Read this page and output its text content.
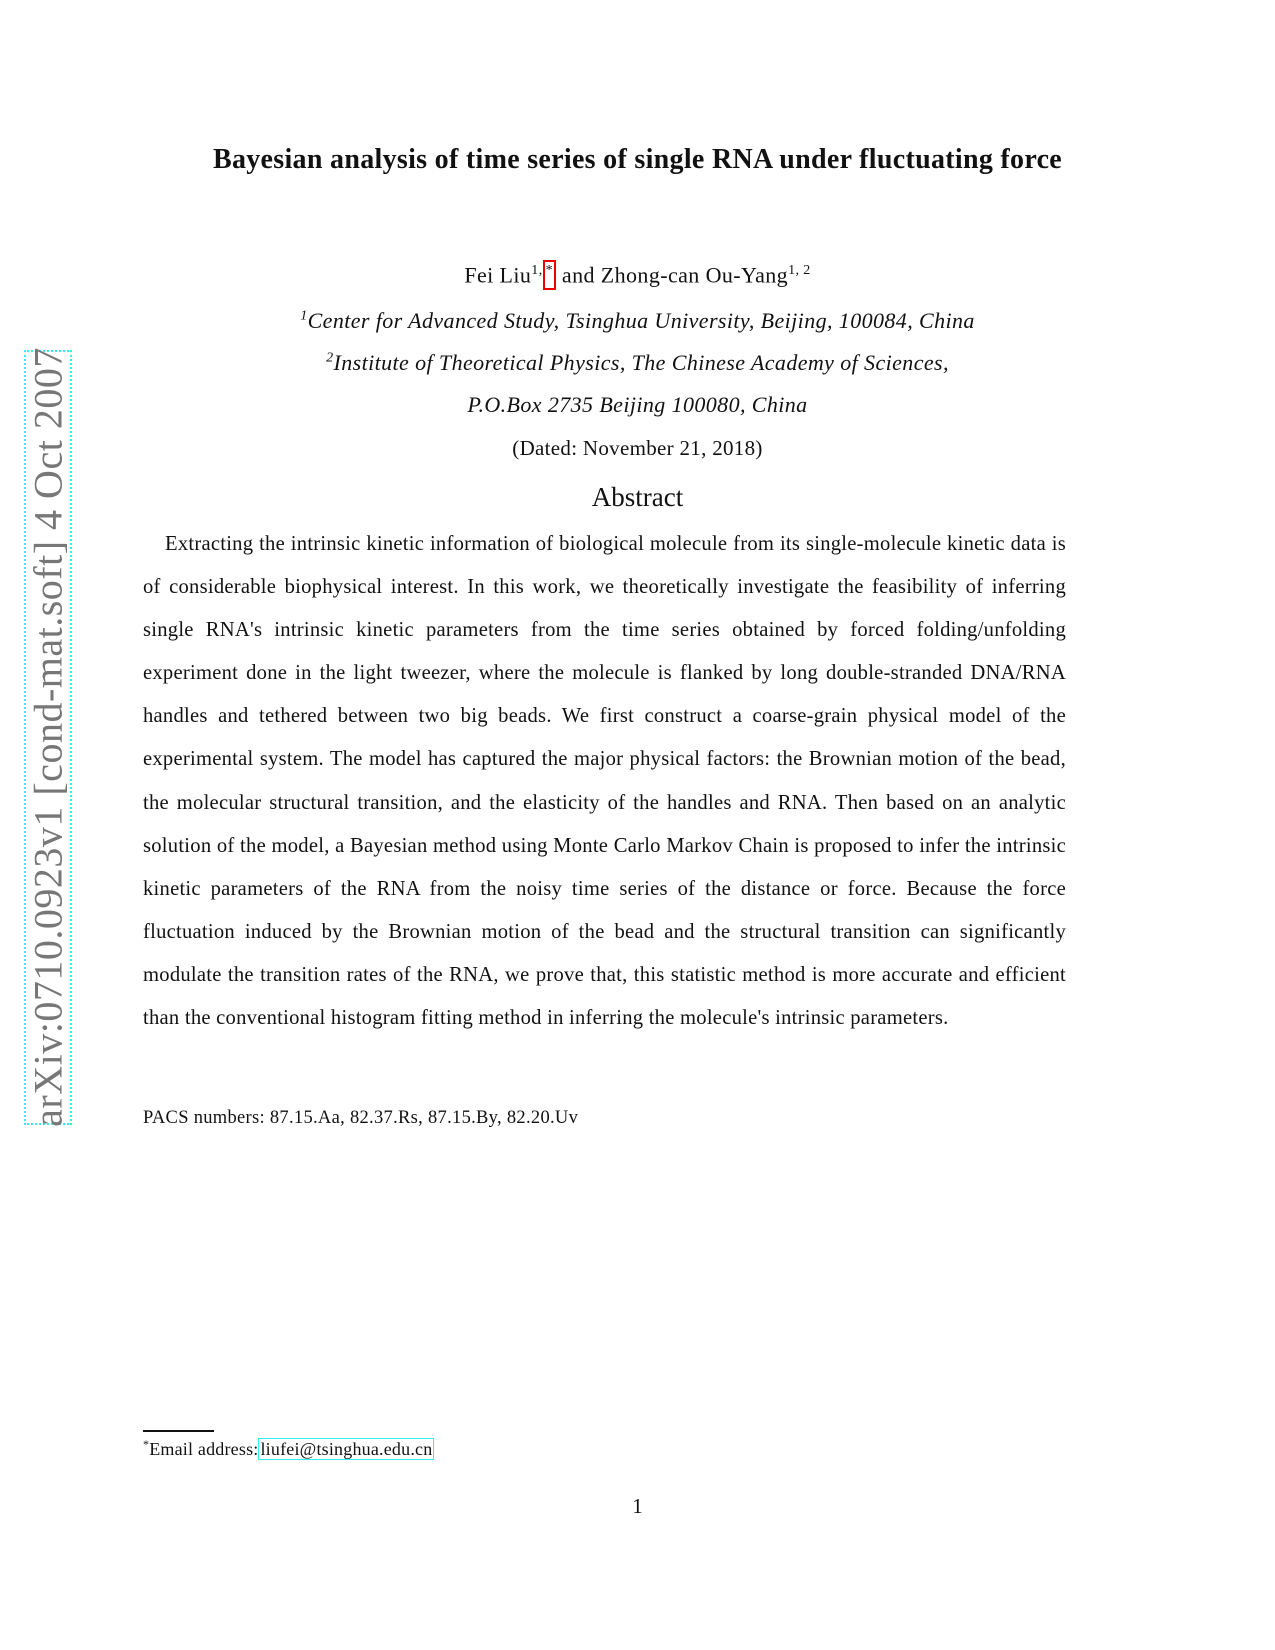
arXiv:0710.0923v1 [cond-mat.soft] 4 Oct 2007
Bayesian analysis of time series of single RNA under fluctuating force
Fei Liu$^{1,}$ * and Zhong-can Ou-Yang$^{1, 2}$
$^1$Center for Advanced Study, Tsinghua University, Beijing, 100084, China
$^2$Institute of Theoretical Physics, The Chinese Academy of Sciences,
P.O.Box 2735 Beijing 100080, China
(Dated: November 21, 2018)
Abstract

Extracting the intrinsic kinetic information of biological molecule from its single-molecule kinetic data is of considerable biophysical interest. In this work, we theoretically investigate the feasibility of inferring single RNA's intrinsic kinetic parameters from the time series obtained by forced folding/unfolding experiment done in the light tweezer, where the molecule is flanked by long double-stranded DNA/RNA handles and tethered between two big beads. We first construct a coarse-grain physical model of the experimental system. The model has captured the major physical factors: the Brownian motion of the bead, the molecular structural transition, and the elasticity of the handles and RNA. Then based on an analytic solution of the model, a Bayesian method using Monte Carlo Markov Chain is proposed to infer the intrinsic kinetic parameters of the RNA from the noisy time series of the distance or force. Because the force fluctuation induced by the Brownian motion of the bead and the structural transition can significantly modulate the transition rates of the RNA, we prove that, this statistic method is more accurate and efficient than the conventional histogram fitting method in inferring the molecule's intrinsic parameters.

PACS numbers: 87.15.Aa, 82.37.Rs, 87.15.By, 82.20.Uv
*Email address: liufei@tsinghua.edu.cn
1
